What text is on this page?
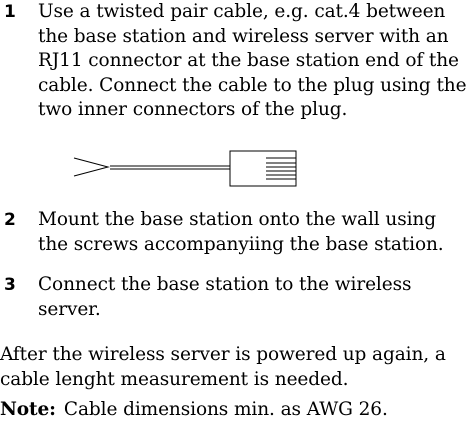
1 Use a twisted pair cable, e.g. cat.4 between the base station and wireless server with an RJ11 connector at the base station end of the cable. Connect the cable to the plug using the two inner connectors of the plug.
2 Mount the base station onto the wall using the screws accompanyiing the base station.
3 Connect the base station to the wireless server.
After the wireless server is powered up again, a cable lenght measurement is needed.
Note: Cable dimensions min. as AWG 26.
